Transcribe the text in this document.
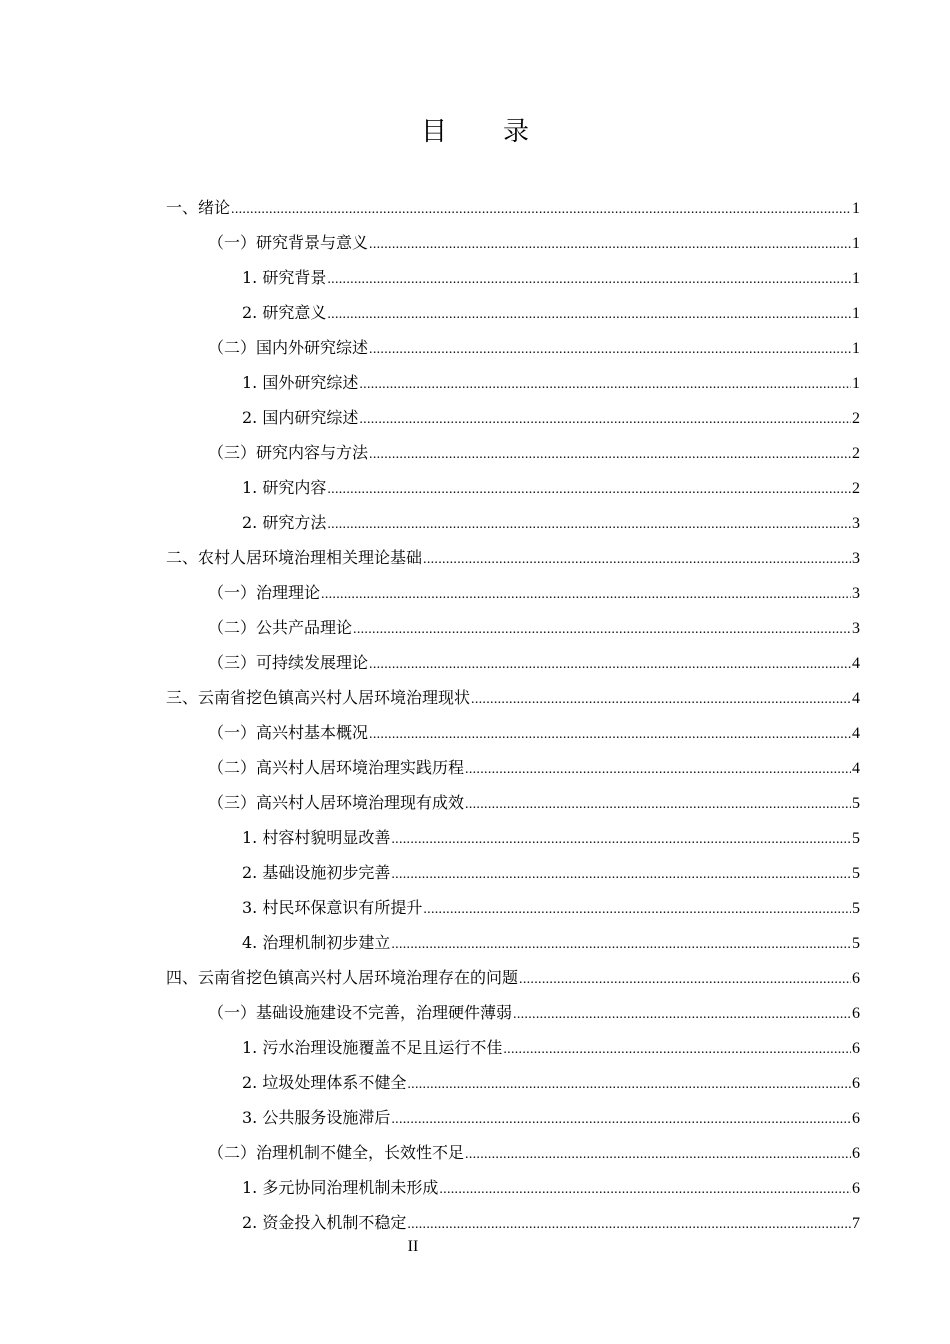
目录
一、绪论 .....	1
（一）研究背景与意义 .....	1
1. 研究背景 .....	1
2. 研究意义 .....	1
（二）国内外研究综述 .....	1
1. 国外研究综述 .....	1
2. 国内研究综述 .....	2
（三）研究内容与方法 .....	2
1. 研究内容 .....	2
2. 研究方法 .....	3
二、农村人居环境治理相关理论基础 .....	3
（一）治理理论 .....	3
（二）公共产品理论 .....	3
（三）可持续发展理论 .....	4
三、云南省挖色镇高兴村人居环境治理现状 .....	4
（一）高兴村基本概况 .....	4
（二）高兴村人居环境治理实践历程 .....	4
（三）高兴村人居环境治理现有成效 .....	5
1. 村容村貌明显改善 .....	5
2. 基础设施初步完善 .....	5
3. 村民环保意识有所提升 .....	5
4. 治理机制初步建立 .....	5
四、云南省挖色镇高兴村人居环境治理存在的问题 .....	6
（一）基础设施建设不完善，治理硬件薄弱 .....	6
1. 污水治理设施覆盖不足且运行不佳 .....	6
2. 垃圾处理体系不健全 .....	6
3. 公共服务设施滞后 .....	6
（二）治理机制不健全，长效性不足 .....	6
1. 多元协同治理机制未形成 .....	6
2. 资金投入机制不稳定 .....	7
II
